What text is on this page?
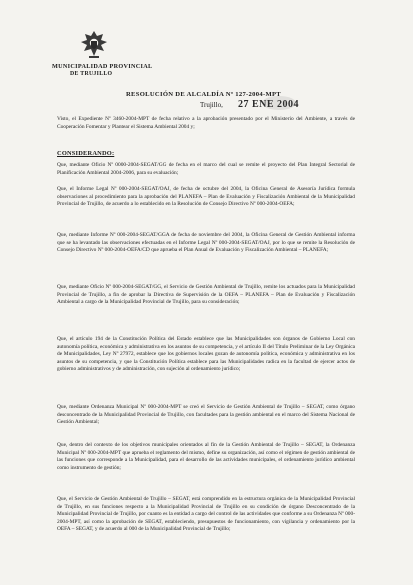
MUNICIPALIDAD PROVINCIAL
DE TRUJILLO
RESOLUCIÓN DE ALCALDÍA Nº 127-2004-MPT
Trujillo, 27 ENE 2004
Visto, el Expediente Nº 3460-2004-MPT de fecha relativo a la aprobación presentado por el Ministerio del Ambiente, a través de Cooperación Fomentar y Plantear el Sistema Ambiental 2004 y;
CONSIDERANDO:
Que, mediante Oficio Nº 0000-2004-SEGAT/GG de fecha en el marco del cual se remite el proyecto del Plan Integral Sectorial de Planificación Ambiental 2004-2006, para su evaluación;
Que, el Informe Legal Nº 000-2004-SEGAT/OAJ, de fecha de octubre del 2004, la Oficina General de Asesoría Jurídica formula observaciones al procedimiento para la aprobación del PLANEFA – Plan de Evaluación y Fiscalización Ambiental de la Municipalidad Provincial de Trujillo, de acuerdo a lo establecido en la Resolución de Consejo Directivo Nº 000-2004-OEFA;
Que, mediante Informe Nº 000-2004-SEGAT/GGA de fecha de noviembre del 2004, la Oficina General de Gestión Ambiental informa que se ha levantado las observaciones efectuadas en el Informe Legal Nº 000-2004-SEGAT/OAJ, por lo que se remite la Resolución de Consejo Directivo Nº 000-2004-OEFA/CD que aprueba el Plan Anual de Evaluación y Fiscalización Ambiental – PLANEFA;
Que, mediante Oficio Nº 000-2004-SEGAT/GG, el Servicio de Gestión Ambiental de Trujillo, remite los actuados para la Municipalidad Provincial de Trujillo, a fin de aprobar la Directiva de Supervisión de la OEFA – PLANEFA – Plan de Evaluación y Fiscalización Ambiental a cargo de la Municipalidad Provincial de Trujillo, para su consideración;
Que, el artículo 194 de la Constitución Política del Estado establece que las Municipalidades son órganos de Gobierno Local con autonomía política, económica y administrativa en los asuntos de su competencia, y el artículo II del Título Preliminar de la Ley Orgánica de Municipalidades, Ley Nº 27972, establece que los gobiernos locales gozan de autonomía política, económica y administrativa en los asuntos de su competencia, y que la Constitución Política establece para las Municipalidades radica en la facultad de ejercer actos de gobierno administrativos y de administración, con sujeción al ordenamiento jurídico;
Que, mediante Ordenanza Municipal Nº 000-2004-MPT se creó el Servicio de Gestión Ambiental de Trujillo – SEGAT, como órgano desconcentrado de la Municipalidad Provincial de Trujillo, con facultades para la gestión ambiental en el marco del Sistema Nacional de Gestión Ambiental;
Que, dentro del contexto de los objetivos municipales orientados al fin de la Gestión Ambiental de Trujillo – SEGAT, la Ordenanza Municipal Nº 000-2004-MPT que aprueba el reglamento del mismo, define su organización, así como el régimen de gestión ambiental de las funciones que corresponde a la Municipalidad, para el desarrollo de las actividades municipales, el ordenamiento jurídico ambiental como instrumento de gestión;
Que, el Servicio de Gestión Ambiental de Trujillo – SEGAT, está comprendido en la estructura orgánica de la Municipalidad Provincial de Trujillo, en sus funciones respecto a la Municipalidad Provincial de Trujillo en su condición de órgano Desconcentrado de la Municipalidad Provincial de Trujillo, por cuanto es la entidad a cargo del control de las actividades que conforme a su Ordenanza Nº 000-2004-MPT, así como la aprobación de SEGAT, estableciendo, presupuestos de funcionamiento, con vigilancia y ordenamiento por la OEFA – SEGAT, y de acuerdo al 000 de la Municipalidad Provincial de Trujillo;
